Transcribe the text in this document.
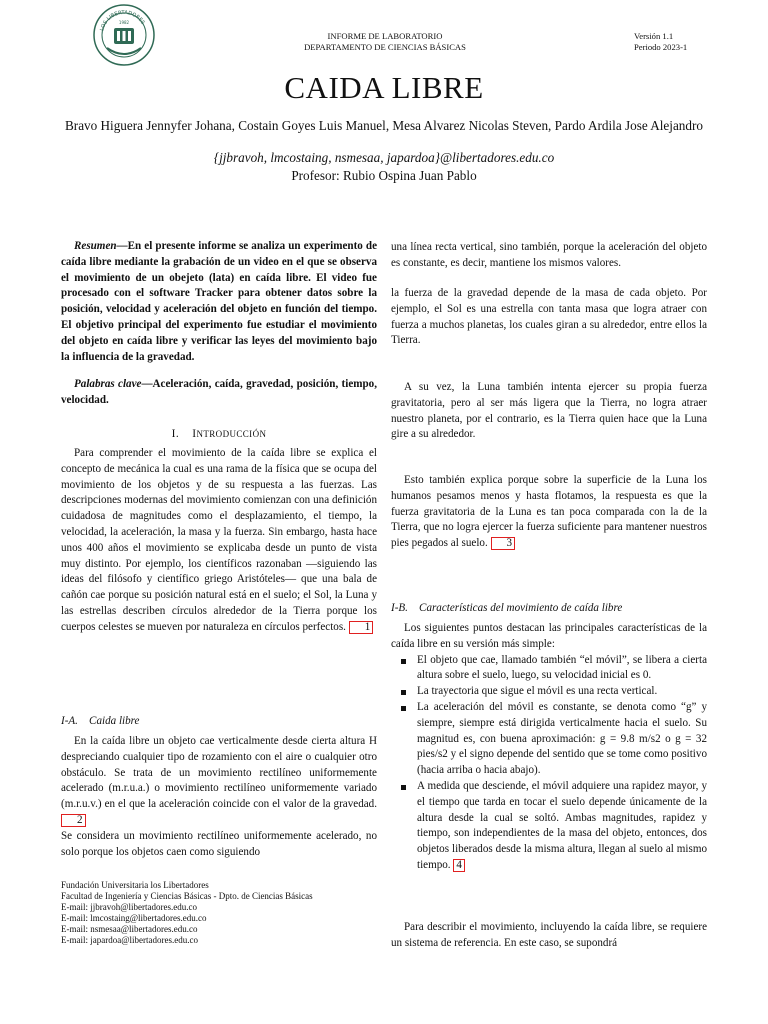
LOS LIBERTADORES
1982
INFORME DE LABORATORIO
DEPARTAMENTO DE CIENCIAS BÁSICAS
Versión 1.1
Periodo 2023-1
CAIDA LIBRE
Bravo Higuera Jennyfer Johana, Costain Goyes Luis Manuel, Mesa Alvarez Nicolas Steven, Pardo Ardila Jose Alejandro
{jjbravoh, lmcostaing, nsmesaa, japardoa}@libertadores.edu.co
Profesor: Rubio Ospina Juan Pablo

Resumen—En el presente informe se analiza un experimento de caída libre mediante la grabación de un video en el que se observa el movimiento de un obejeto (lata) en caída libre. El video fue procesado con el software Tracker para obtener datos sobre la posición, velocidad y aceleración del objeto en función del tiempo. El objetivo principal del experimento fue estudiar el movimiento del objeto en caída libre y verificar las leyes del movimiento bajo la influencia de la gravedad.

Palabras clave—Aceleración, caída, gravedad, posición, tiempo, velocidad.

I. INTRODUCCIÓN

Para comprender el movimiento de la caída libre se explica el concepto de mecánica la cual es una rama de la física que se ocupa del movimiento de los objetos y de su respuesta a las fuerzas. Las descripciones modernas del movimiento comienzan con una definición cuidadosa de magnitudes como el desplazamiento, el tiempo, la velocidad, la aceleración, la masa y la fuerza. Sin embargo, hasta hace unos 400 años el movimiento se explicaba desde un punto de vista muy distinto. Por ejemplo, los científicos razonaban —siguiendo las ideas del filósofo y científico griego Aristóteles— que una bala de cañón cae porque su posición natural está en el suelo; el Sol, la Luna y las estrellas describen círculos alrededor de la Tierra porque los cuerpos celestes se mueven por naturaleza en círculos perfectos. 1

I-A. Caida libre

En la caída libre un objeto cae verticalmente desde cierta altura H despreciando cualquier tipo de rozamiento con el aire o cualquier otro obstáculo. Se trata de un movimiento rectilíneo uniformemente acelerado (m.r.u.a.) o movimiento rectilíneo uniformemente variado (m.r.u.v.) en el que la aceleración coincide con el valor de la gravedad. 2

Se considera un movimiento rectilíneo uniformemente acelerado, no solo porque los objetos caen como siguiendo

Fundación Universitaria los Libertadores
Facultad de Ingeniería y Ciencias Básicas - Dpto. de Ciencias Básicas
E-mail: jjbravoh@libertadores.edu.co
E-mail: lmcostaing@libertadores.edu.co
E-mail: nsmesaa@libertadores.edu.co
E-mail: japardoa@libertadores.edu.co

una línea recta vertical, sino también, porque la aceleración del objeto es constante, es decir, mantiene los mismos valores.

la fuerza de la gravedad depende de la masa de cada objeto. Por ejemplo, el Sol es una estrella con tanta masa que logra atraer con fuerza a muchos planetas, los cuales giran a su alrededor, entre ellos la Tierra.

A su vez, la Luna también intenta ejercer su propia fuerza gravitatoria, pero al ser más ligera que la Tierra, no logra atraer nuestro planeta, por el contrario, es la Tierra quien hace que la Luna gire a su alrededor.

Esto también explica porque sobre la superficie de la Luna los humanos pesamos menos y hasta flotamos, la respuesta es que la fuerza gravitatoria de la Luna es tan poca comparada con la de la Tierra, que no logra ejercer la fuerza suficiente para mantener nuestros pies pegados al suelo. 3

I-B. Características del movimiento de caída libre

Los siguientes puntos destacan las principales características de la caída libre en su versión más simple:

El objeto que cae, llamado también “el móvil”, se libera a cierta altura sobre el suelo, luego, su velocidad inicial es 0.
La trayectoria que sigue el móvil es una recta vertical.
La aceleración del móvil es constante, se denota como “g” y siempre, siempre está dirigida verticalmente hacia el suelo. Su magnitud es, con buena aproximación: g = 9.8 m/s2 o g = 32 pies/s2 y el signo depende del sentido que se tome como positivo (hacia arriba o hacia abajo).
A medida que desciende, el móvil adquiere una rapidez mayor, y el tiempo que tarda en tocar el suelo depende únicamente de la altura desde la cual se soltó. Ambas magnitudes, rapidez y tiempo, son independientes de la masa del objeto, entonces, dos objetos liberados desde la misma altura, llegan al suelo al mismo tiempo. 4

Para describir el movimiento, incluyendo la caída libre, se requiere un sistema de referencia. En este caso, se supondrá
